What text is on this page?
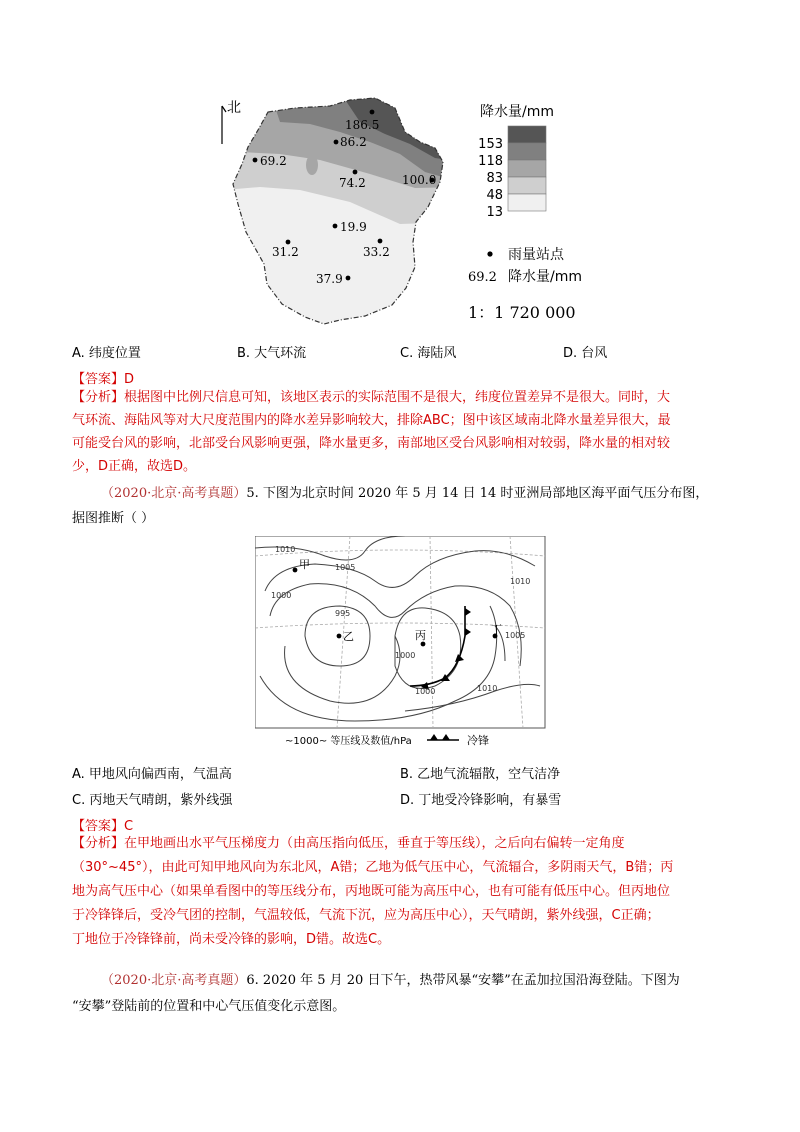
北
186.5
86.2
69.2
74.2	100.0
19.9
31.2	33.2
37.9
降水量/mm
153
118
83
48
13
雨量站点
69.2 降水量/mm
1：1 720 000
A. 纬度位置	B. 大气环流	C. 海陆风	D. 台风
【答案】D
【分析】根据图中比例尺信息可知，该地区表示的实际范围不是很大，纬度位置差异不是很大。同时，大
气环流、海陆风等对大尺度范围内的降水差异影响较大，排除ABC；图中该区域南北降水量差异很大，最
可能受台风的影响，北部受台风影响更强，降水量更多，南部地区受台风影响相对较弱，降水量的相对较
少，D正确，故选D。
（2020·北京·高考真题）5. 下图为北京时间 2020 年 5 月 14 日 14 时亚洲局部地区海平面气压分布图，
据图推断（ ）
1010
1005
1000
995
1000
1000
1010
1005
1010
甲
乙	丙	丁
~1000~ 等压线及数值/hPa	冷锋
A. 甲地风向偏西南，气温高	B. 乙地气流辐散，空气洁净
C. 丙地天气晴朗，紫外线强	D. 丁地受冷锋影响，有暴雪
【答案】C
【分析】在甲地画出水平气压梯度力（由高压指向低压，垂直于等压线），之后向右偏转一定角度
（30°~45°），由此可知甲地风向为东北风，A错；乙地为低气压中心，气流辐合，多阴雨天气，B错；丙
地为高气压中心（如果单看图中的等压线分布，丙地既可能为高压中心，也有可能有低压中心。但丙地位
于冷锋锋后，受冷气团的控制，气温较低，气流下沉，应为高压中心），天气晴朗，紫外线强，C正确；
丁地位于冷锋锋前，尚未受冷锋的影响，D错。故选C。
（2020·北京·高考真题）6. 2020 年 5 月 20 日下午，热带风暴“安攀”在孟加拉国沿海登陆。下图为
“安攀”登陆前的位置和中心气压值变化示意图。
